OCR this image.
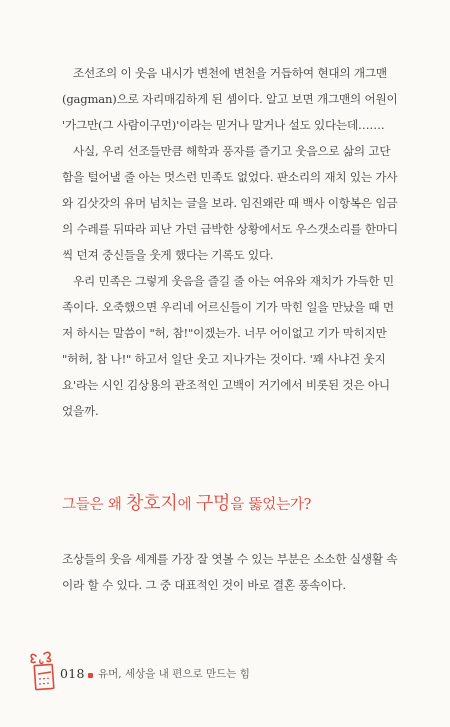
조선조의 이 웃음 내시가 변천에 변천을 거듭하여 현대의 개그맨
(gagman)으로 자리매김하게 된 셈이다. 알고 보면 개그맨의 어원이
'가그만(그 사람이구먼)'이라는 믿거나 말거나 설도 있다는데…….
사실, 우리 선조들만큼 해학과 풍자를 즐기고 웃음으로 삶의 고단
함을 털어낼 줄 아는 멋스런 민족도 없었다. 판소리의 재치 있는 가사
와 김삿갓의 유머 넘치는 글을 보라. 임진왜란 때 백사 이항복은 임금
의 수레를 뒤따라 피난 가던 급박한 상황에서도 우스갯소리를 한마디
씩 던져 중신들을 웃게 했다는 기록도 있다.
우리 민족은 그렇게 웃음을 즐길 줄 아는 여유와 재치가 가득한 민
족이다. 오죽했으면 우리네 어르신들이 기가 막힌 일을 만났을 때 먼
저 하시는 말씀이 "허, 참!"이겠는가. 너무 어이없고 기가 막히지만
"허허, 참 나!" 하고서 일단 웃고 지나가는 것이다. '꽤 사냐건 웃지
요'라는 시인 김상용의 관조적인 고백이 거기에서 비롯된 것은 아니
었을까.
그들은 왜 창호지에 구멍을 뚫었는가?
조상들의 웃음 세계를 가장 잘 엿볼 수 있는 부분은 소소한 실생활 속
이라 할 수 있다. 그 중 대표적인 것이 바로 결혼 풍속이다.
018 유머, 세상을 내 편으로 만드는 힘
